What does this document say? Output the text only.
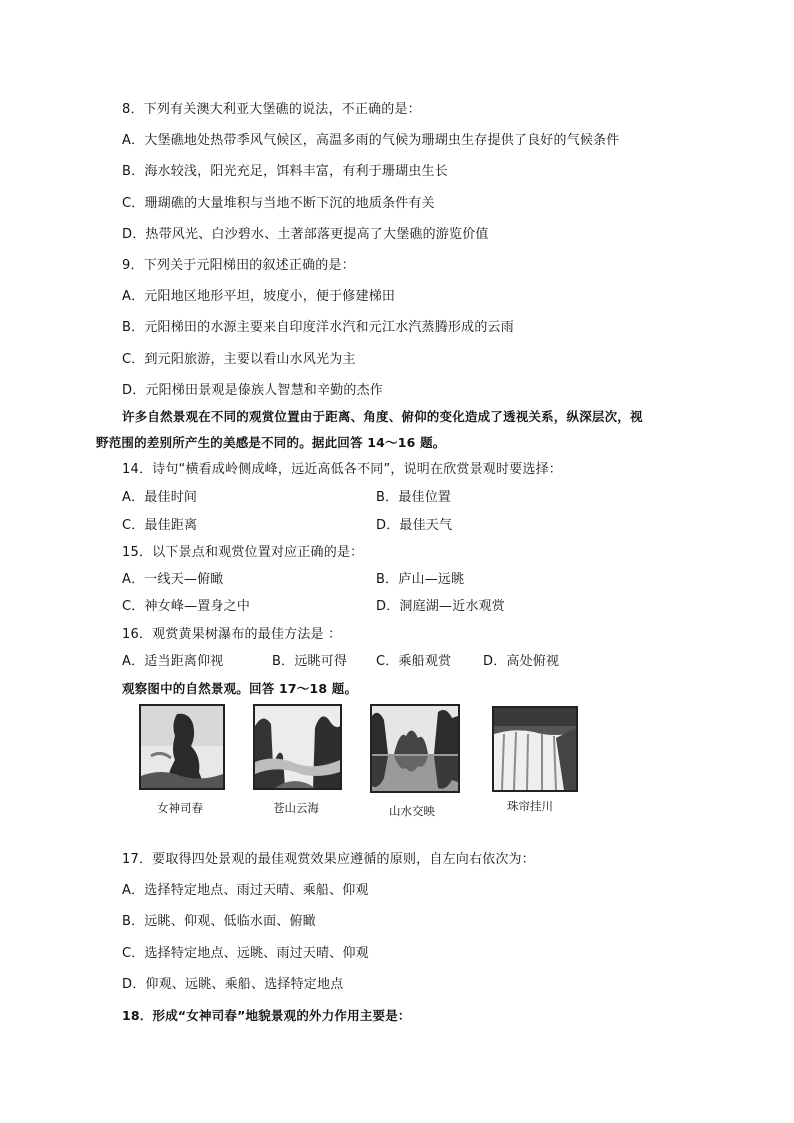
8．下列有关澳大利亚大堡礁的说法，不正确的是：
A．大堡礁地处热带季风气候区，高温多雨的气候为珊瑚虫生存提供了良好的气候条件
B．海水较浅，阳光充足，饵料丰富，有利于珊瑚虫生长
C．珊瑚礁的大量堆积与当地不断下沉的地质条件有关
D．热带风光、白沙碧水、土著部落更提高了大堡礁的游览价值
9．下列关于元阳梯田的叙述正确的是：
A．元阳地区地形平坦，坡度小，便于修建梯田
B．元阳梯田的水源主要来自印度洋水汽和元江水汽蒸腾形成的云雨
C．到元阳旅游，主要以看山水风光为主
D．元阳梯田景观是傣族人智慧和辛勤的杰作
许多自然景观在不同的观赏位置由于距离、角度、俯仰的变化造成了透视关系，纵深层次，视
野范围的差别所产生的美感是不同的。据此回答 14～16 题。
14．诗句“横看成岭侧成峰，远近高低各不同”，说明在欣赏景观时要选择：
A．最佳时间	B．最佳位置
C．最佳距离	D．最佳天气
15．以下景点和观赏位置对应正确的是：
A．一线天—俯瞰	B．庐山—远眺
C．神女峰—置身之中	D．洞庭湖—近水观赏
16．观赏黄果树瀑布的最佳方法是 ：
A．适当距离仰视	B．远眺可得 C．乘船观赏 D．高处俯视
观察图中的自然景观。回答 17～18 题。
女神司春	苍山云海	山水交映	珠帘挂川
17．要取得四处景观的最佳观赏效果应遵循的原则，自左向右依次为：
A．选择特定地点、雨过天晴、乘船、仰观
B．远眺、仰观、低临水面、俯瞰
C．选择特定地点、远眺、雨过天晴、仰观
D．仰观、远眺、乘船、选择特定地点
18．形成“女神司春”地貌景观的外力作用主要是：
